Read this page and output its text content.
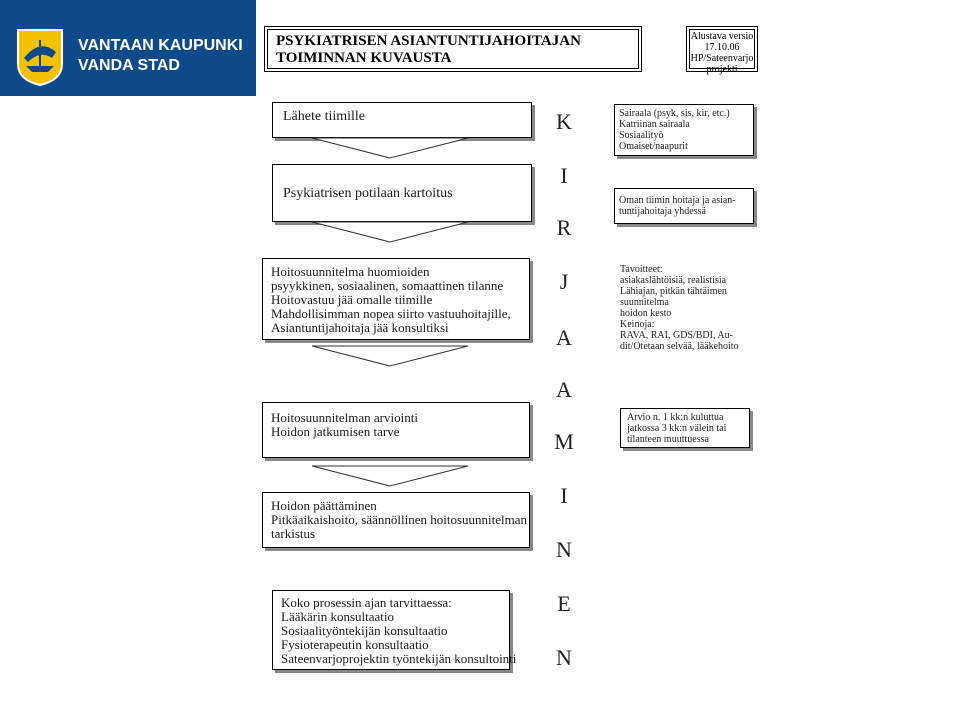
VANTAAN KAUPUNKI
VANDA STAD
PSYKIATRISEN ASIANTUNTIJAHOITAJAN
TOIMINNAN KUVAUSTA
Alustava versio
17.10.06
HP/Sateenvarjo
projekti
Lähete tiimille
Psykiatrisen potilaan kartoitus
Hoitosuunnitelma huomioiden
psyykkinen, sosiaalinen, somaattinen tilanne
Hoitovastuu jää omalle tiimille
Mahdollisimman nopea siirto vastuuhoitajille,
Asiantuntijahoitaja jää konsultiksi
Hoitosuunnitelman arviointi
Hoidon jatkumisen tarve
Hoidon päättäminen
Pitkäaikaishoito, säännöllinen hoitosuunnitelman
tarkistus
Koko prosessin ajan tarvittaessa:
Lääkärin konsultaatio
Sosiaalityöntekijän konsultaatio
Fysioterapeutin konsultaatio
Sateenvarjoprojektin työntekijän konsultointi
K
I
R
J
A
A
M
I
N
E
N
Sairaala (psyk, sis, kir, etc.)
Katriinan sairaala
Sosiaalityö
Omaiset/naapurit
Oman tiimin hoitaja ja asian-
tuntijahoitaja yhdessä
Tavoitteet:
asiakaslähtöisiä, realistisia
Lähiajan, pitkän tähtäimen
suunnitelma
hoidon kesto
Keinoja:
RAVA, RAI, GDS/BDI, Au-
dit/Otetaan selvää, lääkehoito
Arvio n. 1 kk:n kuluttua
jatkossa 3 kk:n välein tai
tilanteen muuttuessa
